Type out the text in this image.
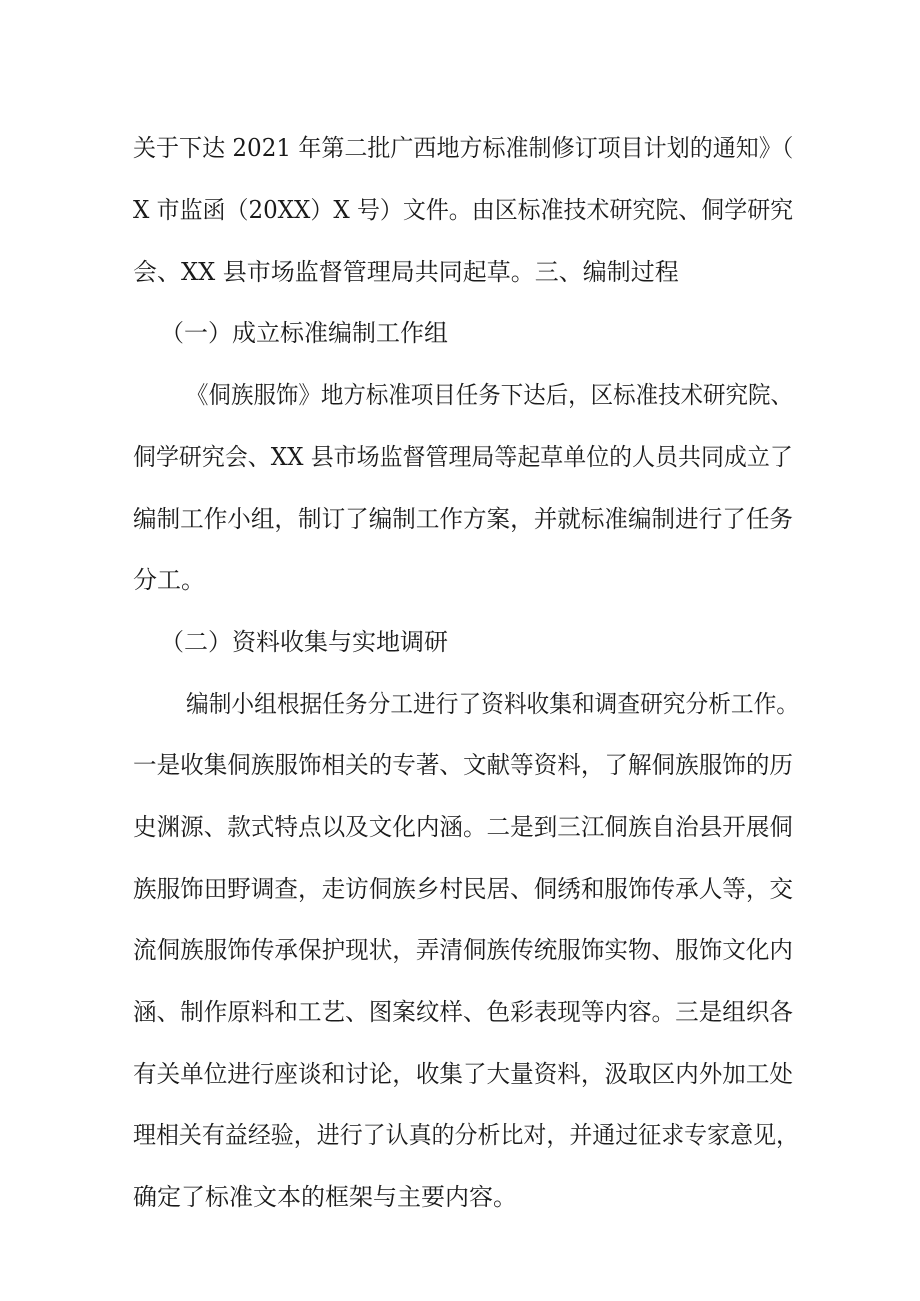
关于下达 2021 年第二批广西地方标准制修订项目计划的通知》（

X 市监函（20XX）X 号）文件。由区标准技术研究院、侗学研究

会、XX 县市场监督管理局共同起草。三、编制过程

（一）成立标准编制工作组

《侗族服饰》地方标准项目任务下达后，区标准技术研究院、

侗学研究会、XX 县市场监督管理局等起草单位的人员共同成立了

编制工作小组，制订了编制工作方案，并就标准编制进行了任务

分工。

（二）资料收集与实地调研

编制小组根据任务分工进行了资料收集和调查研究分析工作。

一是收集侗族服饰相关的专著、文献等资料，了解侗族服饰的历

史渊源、款式特点以及文化内涵。二是到三江侗族自治县开展侗

族服饰田野调查，走访侗族乡村民居、侗绣和服饰传承人等，交

流侗族服饰传承保护现状，弄清侗族传统服饰实物、服饰文化内

涵、制作原料和工艺、图案纹样、色彩表现等内容。三是组织各

有关单位进行座谈和讨论，收集了大量资料，汲取区内外加工处

理相关有益经验，进行了认真的分析比对，并通过征求专家意见，

确定了标准文本的框架与主要内容。
